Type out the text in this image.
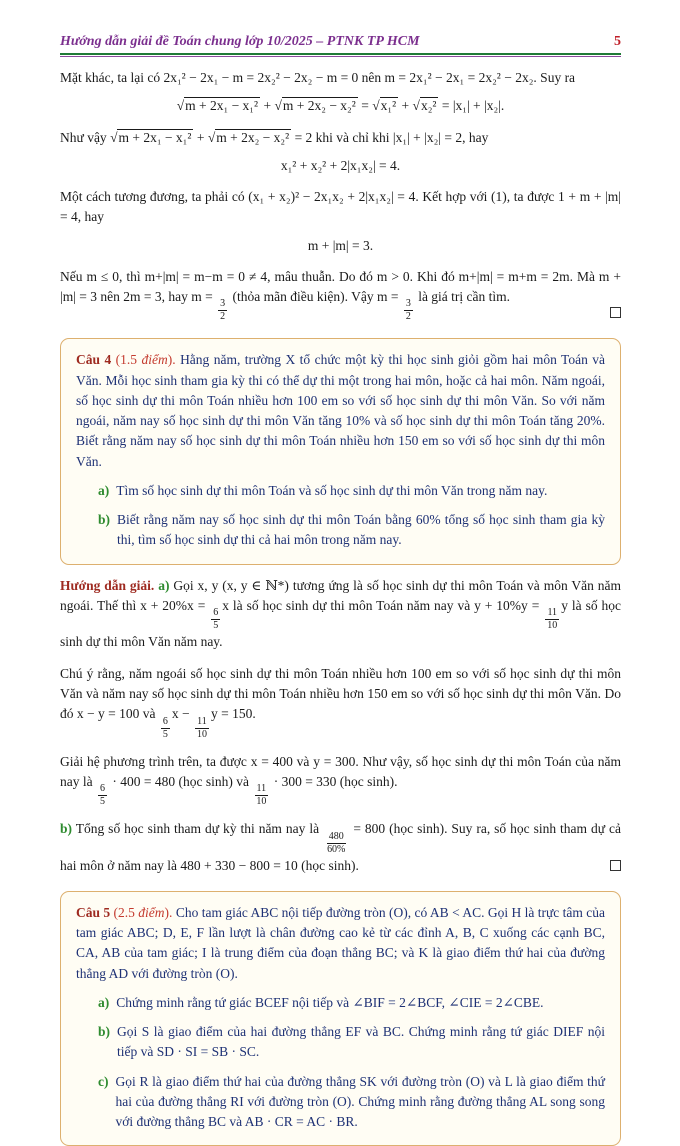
Hướng dẫn giải đề Toán chung lớp 10/2025 – PTNK TP HCM	5

Mặt khác, ta lại có 2x₁² − 2x₁ − m = 2x₂² − 2x₂ − m = 0 nên m = 2x₁² − 2x₁ = 2x₂² − 2x₂. Suy ra

√ m + 2x₁ − x₁² + √ m + 2x₂ − x₂² = √ x₁² + √ x₂² = |x₁| + |x₂|.

Như vậy √ m + 2x₁ − x₁² + √ m + 2x₂ − x₂² = 2 khi và chỉ khi |x₁| + |x₂| = 2, hay

x₁² + x₂² + 2|x₁x₂| = 4.

Một cách tương đương, ta phải có (x₁ + x₂)² − 2x₁x₂ + 2|x₁x₂| = 4. Kết hợp với (1), ta được 1 + m + |m| = 4, hay

m + |m| = 3.

Nếu m ≤ 0, thì m+|m| = m−m = 0 ≠ 4, mâu thuẫn. Do đó m > 0. Khi đó m+|m| = m+m = 2m. Mà m + |m| = 3 nên 2m = 3, hay m =
$\frac{3}{2}$
(thỏa mãn điều kiện). Vậy m =
$\frac{3}{2}$
là giá trị cần tìm.

Câu 4 (1.5 điểm). Hằng năm, trường X tổ chức một kỳ thi học sinh giỏi gồm hai môn Toán và Văn. Mỗi học sinh tham gia kỳ thi có thể dự thi một trong hai môn, hoặc cả hai môn. Năm ngoái, số học sinh dự thi môn Toán nhiều hơn 100 em so với số học sinh dự thi môn Văn. So với năm ngoái, năm nay số học sinh dự thi môn Văn tăng 10% và số học sinh dự thi môn Toán tăng 20%. Biết rằng năm nay số học sinh dự thi môn Toán nhiều hơn 150 em so với số học sinh dự thi môn Văn.

a) Tìm số học sinh dự thi môn Toán và số học sinh dự thi môn Văn trong năm nay.
b) Biết rằng năm nay số học sinh dự thi môn Toán bằng 60% tổng số học sinh tham gia kỳ thi, tìm số học sinh dự thi cả hai môn trong năm nay.

Hướng dẫn giải. a) Gọi x, y (x, y ∈ ℕ*) tương ứng là số học sinh dự thi môn Toán và môn Văn năm ngoái. Thế thì x + 20%x =
$\frac{6}{5}$
x là số học sinh dự thi môn Toán năm nay và y + 10%y =
$\frac{11}{10}$
y là số học sinh dự thi môn Văn năm nay.

Chú ý rằng, năm ngoái số học sinh dự thi môn Toán nhiều hơn 100 em so với số học sinh dự thi môn Văn và năm nay số học sinh dự thi môn Toán nhiều hơn 150 em so với số học sinh dự thi môn Văn. Do đó x − y = 100 và
$\frac{6}{5}$
x −
$\frac{11}{10}$
y = 150.

Giải hệ phương trình trên, ta được x = 400 và y = 300. Như vậy, số học sinh dự thi môn Toán của năm nay là
$\frac{6}{5}$
· 400 = 480 (học sinh) và
$\frac{11}{10}$
· 300 = 330 (học sinh).

b) Tổng số học sinh tham dự kỳ thi năm nay là
$\frac{480}{60\%}$
= 800 (học sinh). Suy ra, số học sinh tham dự cả hai môn ở năm nay là 480 + 330 − 800 = 10 (học sinh).

Câu 5 (2.5 điểm). Cho tam giác ABC nội tiếp đường tròn (O), có AB < AC. Gọi H là trực tâm của tam giác ABC; D, E, F lần lượt là chân đường cao kẻ từ các đỉnh A, B, C xuống các cạnh BC, CA, AB của tam giác; I là trung điểm của đoạn thẳng BC; và K là giao điểm thứ hai của đường thẳng AD với đường tròn (O).

a) Chứng minh rằng tứ giác BCEF nội tiếp và ∠BIF = 2∠BCF, ∠CIE = 2∠CBE.
b) Gọi S là giao điểm của hai đường thẳng EF và BC. Chứng minh rằng tứ giác DIEF nội tiếp và SD · SI = SB · SC.
c) Gọi R là giao điểm thứ hai của đường thẳng SK với đường tròn (O) và L là giao điểm thứ hai của đường thẳng RI với đường tròn (O). Chứng minh rằng đường thẳng AL song song với đường thẳng BC và AB · CR = AC · BR.
